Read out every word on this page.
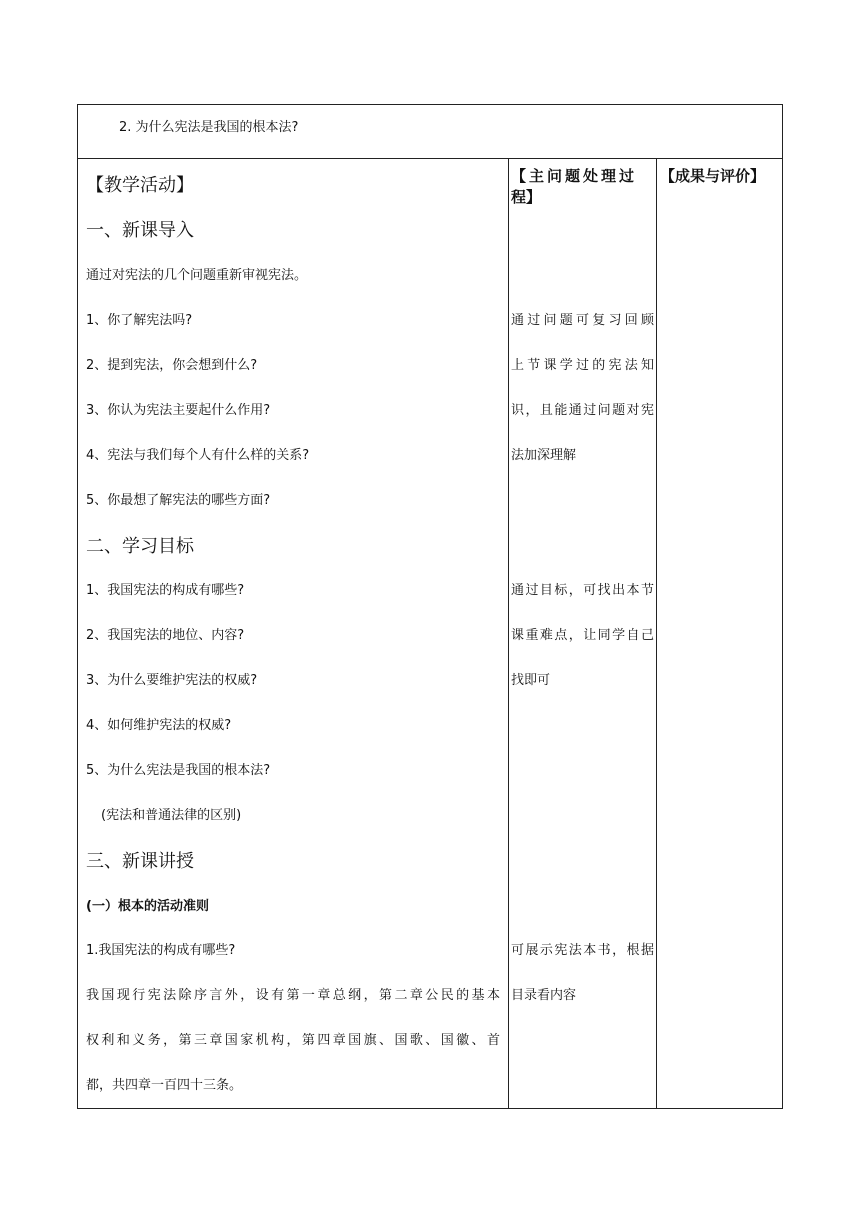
2. 为什么宪法是我国的根本法?
【教学活动】	【主问题处理过
程】
【成果与评价】
一、新课导入
通过对宪法的几个问题重新审视宪法。
1、你了解宪法吗?
2、提到宪法，你会想到什么?
3、你认为宪法主要起什么作用?
4、宪法与我们每个人有什么样的关系?
5、你最想了解宪法的哪些方面?
二、学习目标
1、我国宪法的构成有哪些?
2、我国宪法的地位、内容?
3、为什么要维护宪法的权威?
4、如何维护宪法的权威?
5、为什么宪法是我国的根本法?
(宪法和普通法律的区别)
三、新课讲授
(一）根本的活动准则
1.我国宪法的构成有哪些?
我国现行宪法除序言外，设有第一章总纲，第二章公民的基本
权利和义务，第三章国家机构，第四章国旗、国歌、国徽、首
都，共四章一百四十三条。
通过问题可复习回顾
上节课学过的宪法知
识，且能通过问题对宪
法加深理解
通过目标，可找出本节
课重难点，让同学自己
找即可
可展示宪法本书，根据
目录看内容
